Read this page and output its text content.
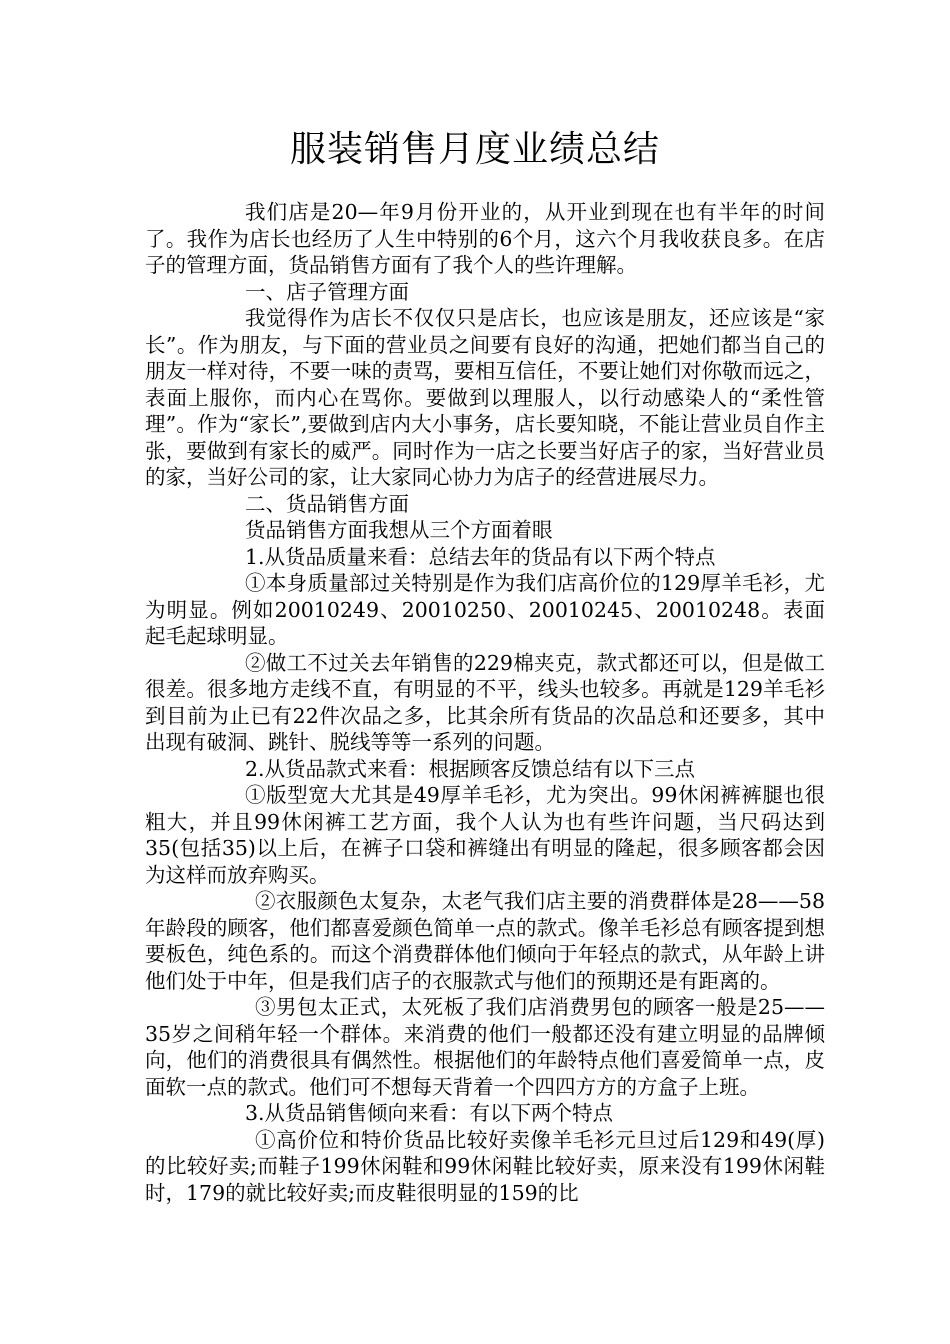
服装销售月度业绩总结

我们店是20—年9月份开业的，从开业到现在也有半年的时间了。我作为店长也经历了人生中特别的6个月，这六个月我收获良多。在店子的管理方面，货品销售方面有了我个人的些许理解。

一、店子管理方面

我觉得作为店长不仅仅只是店长，也应该是朋友，还应该是“家长”。作为朋友，与下面的营业员之间要有良好的沟通，把她们都当自己的朋友一样对待，不要一味的责骂，要相互信任，不要让她们对你敬而远之，表面上服你，而内心在骂你。要做到以理服人，以行动感染人的“柔性管理”。作为“家长”,要做到店内大小事务，店长要知晓，不能让营业员自作主张，要做到有家长的威严。同时作为一店之长要当好店子的家，当好营业员的家，当好公司的家，让大家同心协力为店子的经营进展尽力。

二、货品销售方面

货品销售方面我想从三个方面着眼

1.从货品质量来看：总结去年的货品有以下两个特点

①本身质量部过关特别是作为我们店高价位的129厚羊毛衫，尤为明显。例如20010249、20010250、20010245、20010248。表面起毛起球明显。

②做工不过关去年销售的229棉夹克，款式都还可以，但是做工很差。很多地方走线不直，有明显的不平，线头也较多。再就是129羊毛衫到目前为止已有22件次品之多，比其余所有货品的次品总和还要多，其中出现有破洞、跳针、脱线等等一系列的问题。

2.从货品款式来看：根据顾客反馈总结有以下三点

①版型宽大尤其是49厚羊毛衫，尤为突出。99休闲裤裤腿也很粗大，并且99休闲裤工艺方面，我个人认为也有些许问题，当尺码达到35(包括35)以上后，在裤子口袋和裤缝出有明显的隆起，很多顾客都会因为这样而放弃购买。

②衣服颜色太复杂，太老气我们店主要的消费群体是28——58年龄段的顾客，他们都喜爱颜色简单一点的款式。像羊毛衫总有顾客提到想要板色，纯色系的。而这个消费群体他们倾向于年轻点的款式，从年龄上讲他们处于中年，但是我们店子的衣服款式与他们的预期还是有距离的。

③男包太正式，太死板了我们店消费男包的顾客一般是25——35岁之间稍年轻一个群体。来消费的他们一般都还没有建立明显的品牌倾向，他们的消费很具有偶然性。根据他们的年龄特点他们喜爱简单一点，皮面软一点的款式。他们可不想每天背着一个四四方方的方盒子上班。

3.从货品销售倾向来看：有以下两个特点

①高价位和特价货品比较好卖像羊毛衫元旦过后129和49(厚)的比较好卖;而鞋子199休闲鞋和99休闲鞋比较好卖，原来没有199休闲鞋时，179的就比较好卖;而皮鞋很明显的159的比
